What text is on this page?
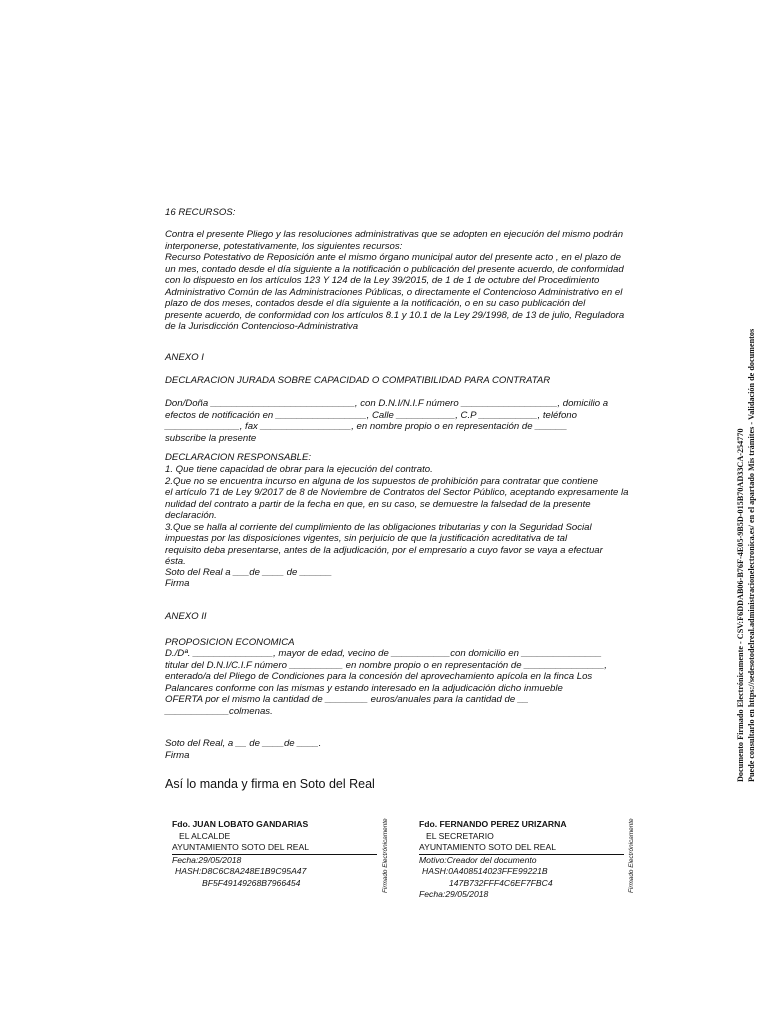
16 RECURSOS:

Contra el presente Pliego y las resoluciones administrativas que se adopten en ejecución del mismo podrán

interponerse, potestativamente, los siguientes recursos:

Recurso Potestativo de Reposición ante el mismo órgano municipal autor del presente acto , en el plazo de

un mes, contado desde el día siguiente a la notificación o publicación del presente acuerdo, de conformidad

con lo dispuesto en los artículos 123 Y 124 de la Ley 39/2015, de 1 de 1 de octubre del Procedimiento

Administrativo Común de las Administraciones Públicas, o directamente el Contencioso Administrativo en el

plazo de dos meses, contados desde el día siguiente a la notificación, o en su caso publicación del

presente acuerdo, de conformidad con los artículos 8.1 y 10.1 de la Ley 29/1998, de 13 de julio, Reguladora

de la Jurisdicción Contencioso-Administrativa

ANEXO I
DECLARACION JURADA SOBRE CAPACIDAD O COMPATIBILIDAD PARA CONTRATAR

Don/Doña ___________________________, con D.N.I/N.I.F número __________________, domicilio a

efectos de notificación en _________________, Calle ___________, C.P ___________, teléfono

______________, fax _________________, en nombre propio o en representación de ______

subscribe la presente

DECLARACION RESPONSABLE:

1. Que tiene capacidad de obrar para la ejecución del contrato.

2.Que no se encuentra incurso en alguna de los supuestos de prohibición para contratar que contiene

el artículo 71 de Ley 9/2017 de 8 de Noviembre de Contratos del Sector Público, aceptando expresamente la

nulidad del contrato a partir de la fecha en que, en su caso, se demuestre la falsedad de la presente

declaración.

3.Que se halla al corriente del cumplimiento de las obligaciones tributarias y con la Seguridad Social

impuestas por las disposiciones vigentes, sin perjuicio de que la justificación acreditativa de tal

requisito deba presentarse, antes de la adjudicación, por el empresario a cuyo favor se vaya a efectuar

ésta.

Soto del Real a ___de ____ de ______
Firma
ANEXO II
PROPOSICION ECONOMICA

D./Dª. _______________, mayor de edad, vecino de ___________con domicilio en _______________

titular del D.N.I/C.I.F número __________ en nombre propio o en representación de _______________,

enterado/a del Pliego de Condiciones para la concesión del aprovechamiento apícola en la finca Los

Palancares conforme con las mismas y estando interesado en la adjudicación dicho inmueble

OFERTA por el mismo la cantidad de ________ euros/anuales para la cantidad de __

____________colmenas.

Soto del Real, a __ de ____de ____.
Firma
Así lo manda y firma en Soto del Real
Fdo. JUAN LOBATO GANDARIAS
EL ALCALDE
AYUNTAMIENTO SOTO DEL REAL
Fecha:29/05/2018
HASH:D8C6C8A248E1B9C95A47
BF5F49149268B7966454	Firmado Electrónicamente	Fdo. FERNANDO PEREZ URIZARNA
EL SECRETARIO
AYUNTAMIENTO SOTO DEL REAL
Motivo:Creador del documento
HASH:0A408514023FFE99221B
147B732FFF4C6EF7FBC4
Fecha:29/05/2018
Firmado Electrónicamente
Documento Firmado Electrónicamente - CSV:F6DDAB06-B76F-4E05-9B5D-015B70AD33CA-254770 Puede consultarlo en https://sedesotodelreal.administracionelectronica.es/ en el apartado Mis trámites - Validación de documentos
